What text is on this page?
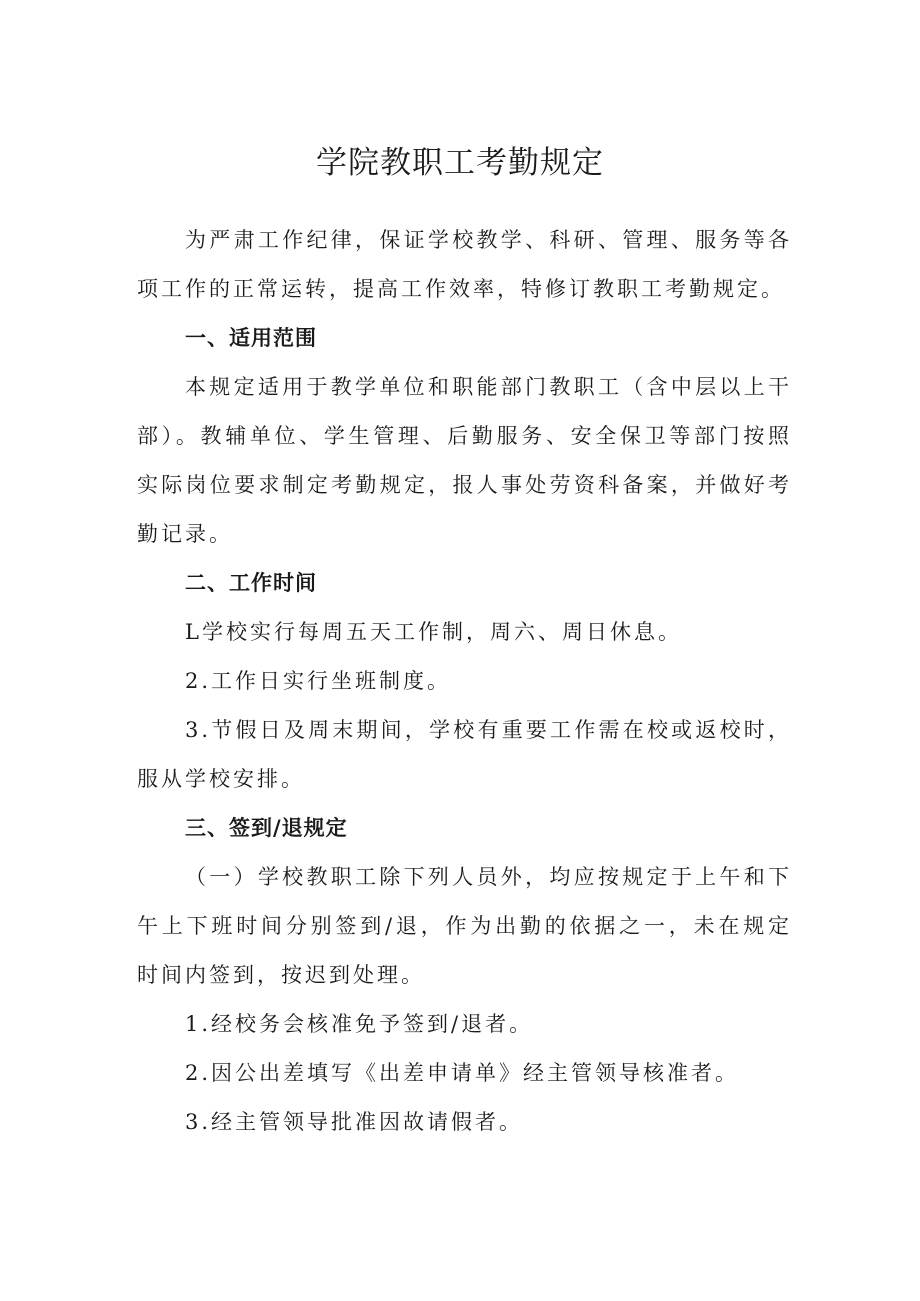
学院教职工考勤规定

为严肃工作纪律，保证学校教学、科研、管理、服务等各项工作的正常运转，提高工作效率，特修订教职工考勤规定。

一、适用范围

本规定适用于教学单位和职能部门教职工（含中层以上干部）。教辅单位、学生管理、后勤服务、安全保卫等部门按照实际岗位要求制定考勤规定，报人事处劳资科备案，并做好考勤记录。

二、工作时间

L学校实行每周五天工作制，周六、周日休息。

2.工作日实行坐班制度。

3.节假日及周末期间，学校有重要工作需在校或返校时，服从学校安排。

三、签到/退规定

（一）学校教职工除下列人员外，均应按规定于上午和下午上下班时间分别签到/退，作为出勤的依据之一，未在规定时间内签到，按迟到处理。

1.经校务会核准免予签到/退者。

2.因公出差填写《出差申请单》经主管领导核准者。

3.经主管领导批准因故请假者。
